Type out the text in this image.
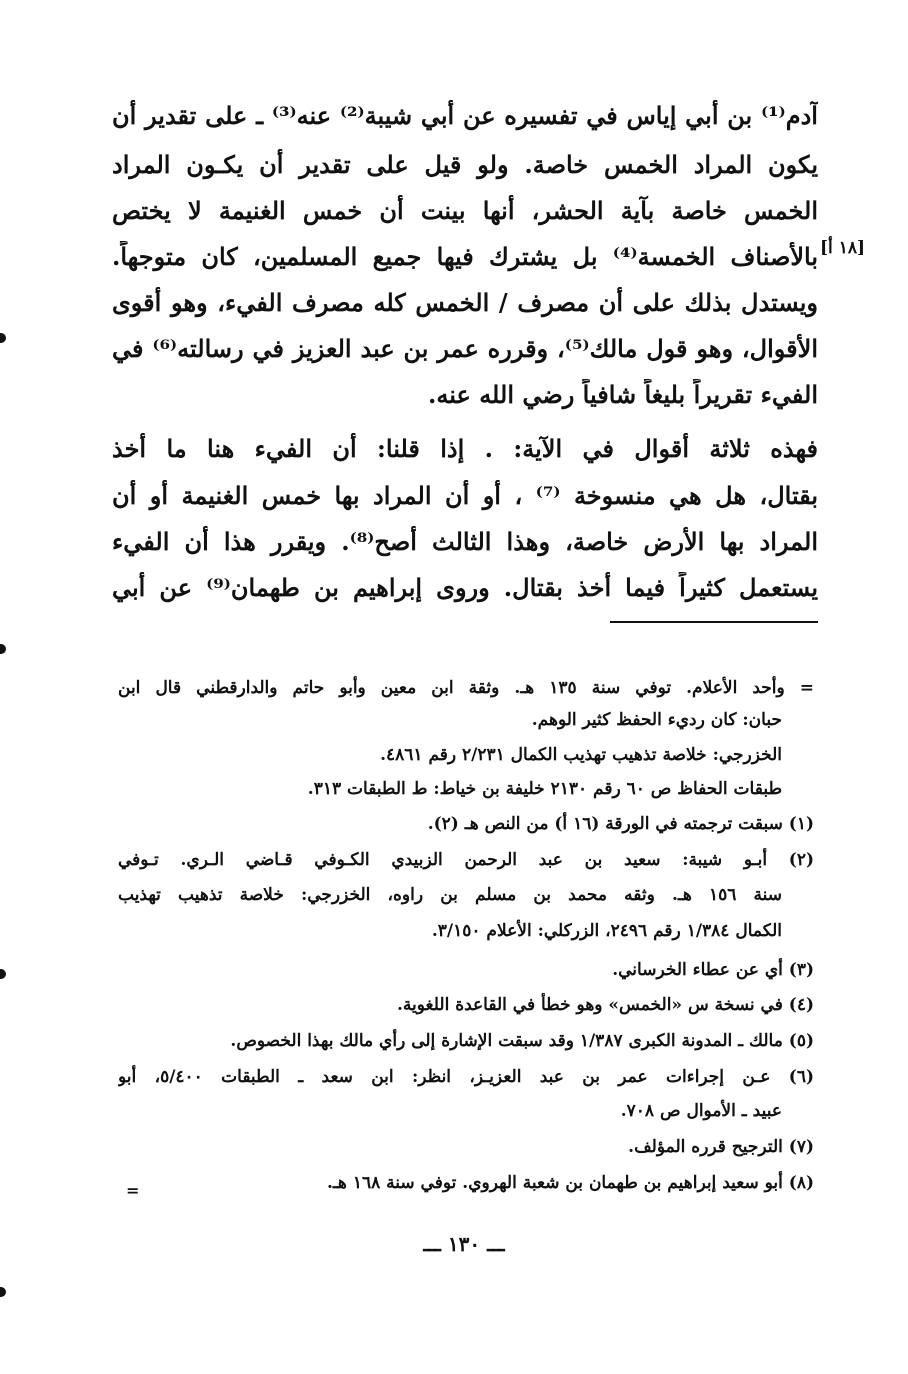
آدم⁽¹⁾ بن أبي إياس في تفسيره عن أبي شيبة⁽²⁾ عنه⁽³⁾ ـ على تقدير أن
يكون المراد الخمس خاصة. ولو قيل على تقدير أن يكـون المراد
الخمس خاصة بآية الحشر، أنها بينت أن خمس الغنيمة لا يختص
بالأصناف الخمسة⁽⁴⁾ بل يشترك فيها جميع المسلمين، كان متوجهاً.
ويستدل بذلك على أن مصرف / الخمس كله مصرف الفيء، وهو أقوى
الأقوال، وهو قول مالك⁽⁵⁾، وقرره عمر بن عبد العزيز في رسالته⁽⁶⁾ في
الفيء تقريراً بليغاً شافياً رضي الله عنه.
فهذه ثلاثة أقوال في الآية: . إذا قلنا: أن الفيء هنا ما أخذ
بقتال، هل هي منسوخة ⁽⁷⁾ ، أو أن المراد بها خمس الغنيمة أو أن
المراد بها الأرض خاصة، وهذا الثالث أصح⁽⁸⁾. ويقرر هذا أن الفيء
يستعمل كثيراً فيما أخذ بقتال. وروى إبراهيم بن طهمان⁽⁹⁾ عن أبي
[١٨ أ]
= وأحد الأعلام. توفي سنة ١٣٥ هـ. وثقة ابن معين وأبو حاتم والدارقطني قال ابن
حبان: كان رديء الحفظ كثير الوهم.
الخزرجي: خلاصة تذهيب تهذيب الكمال ٢/٢٣١ رقم ٤٨٦١.
طبقات الحفاظ ص ٦٠ رقم ٢١٣٠ خليفة بن خياط: ط الطبقات ٣١٣.
(١) سبقت ترجمته في الورقة (١٦ أ) من النص هـ (٢).
(٢) أبـو شيبة: سعيد بن عبد الرحمن الزبيدي الكـوفي قـاضي الـري. تـوفي
سنة ١٥٦ هـ. وثقه محمد بن مسلم بن راوه، الخزرجي: خلاصة تذهيب تهذيب
الكمال ١/٣٨٤ رقم ٢٤٩٦، الزركلي: الأعلام ٣/١٥٠.
(٣) أي عن عطاء الخرساني.
(٤) في نسخة س «الخمس» وهو خطأ في القاعدة اللغوية.
(٥) مالك ـ المدونة الكبرى ١/٣٨٧ وقد سبقت الإشارة إلى رأي مالك بهذا الخصوص.
(٦) عـن إجراءات عمر بن عبد العزيـز، انظر: ابن سعد ـ الطبقات ٥/٤٠٠، أبو
عبيد ـ الأموال ص ٧٠٨.
(٧) الترجيح قرره المؤلف.
(٨) أبو سعيد إبراهيم بن طهمان بن شعبة الهروي. توفي سنة ١٦٨ هـ.
=
ـــ ١٣٠ ـــ
